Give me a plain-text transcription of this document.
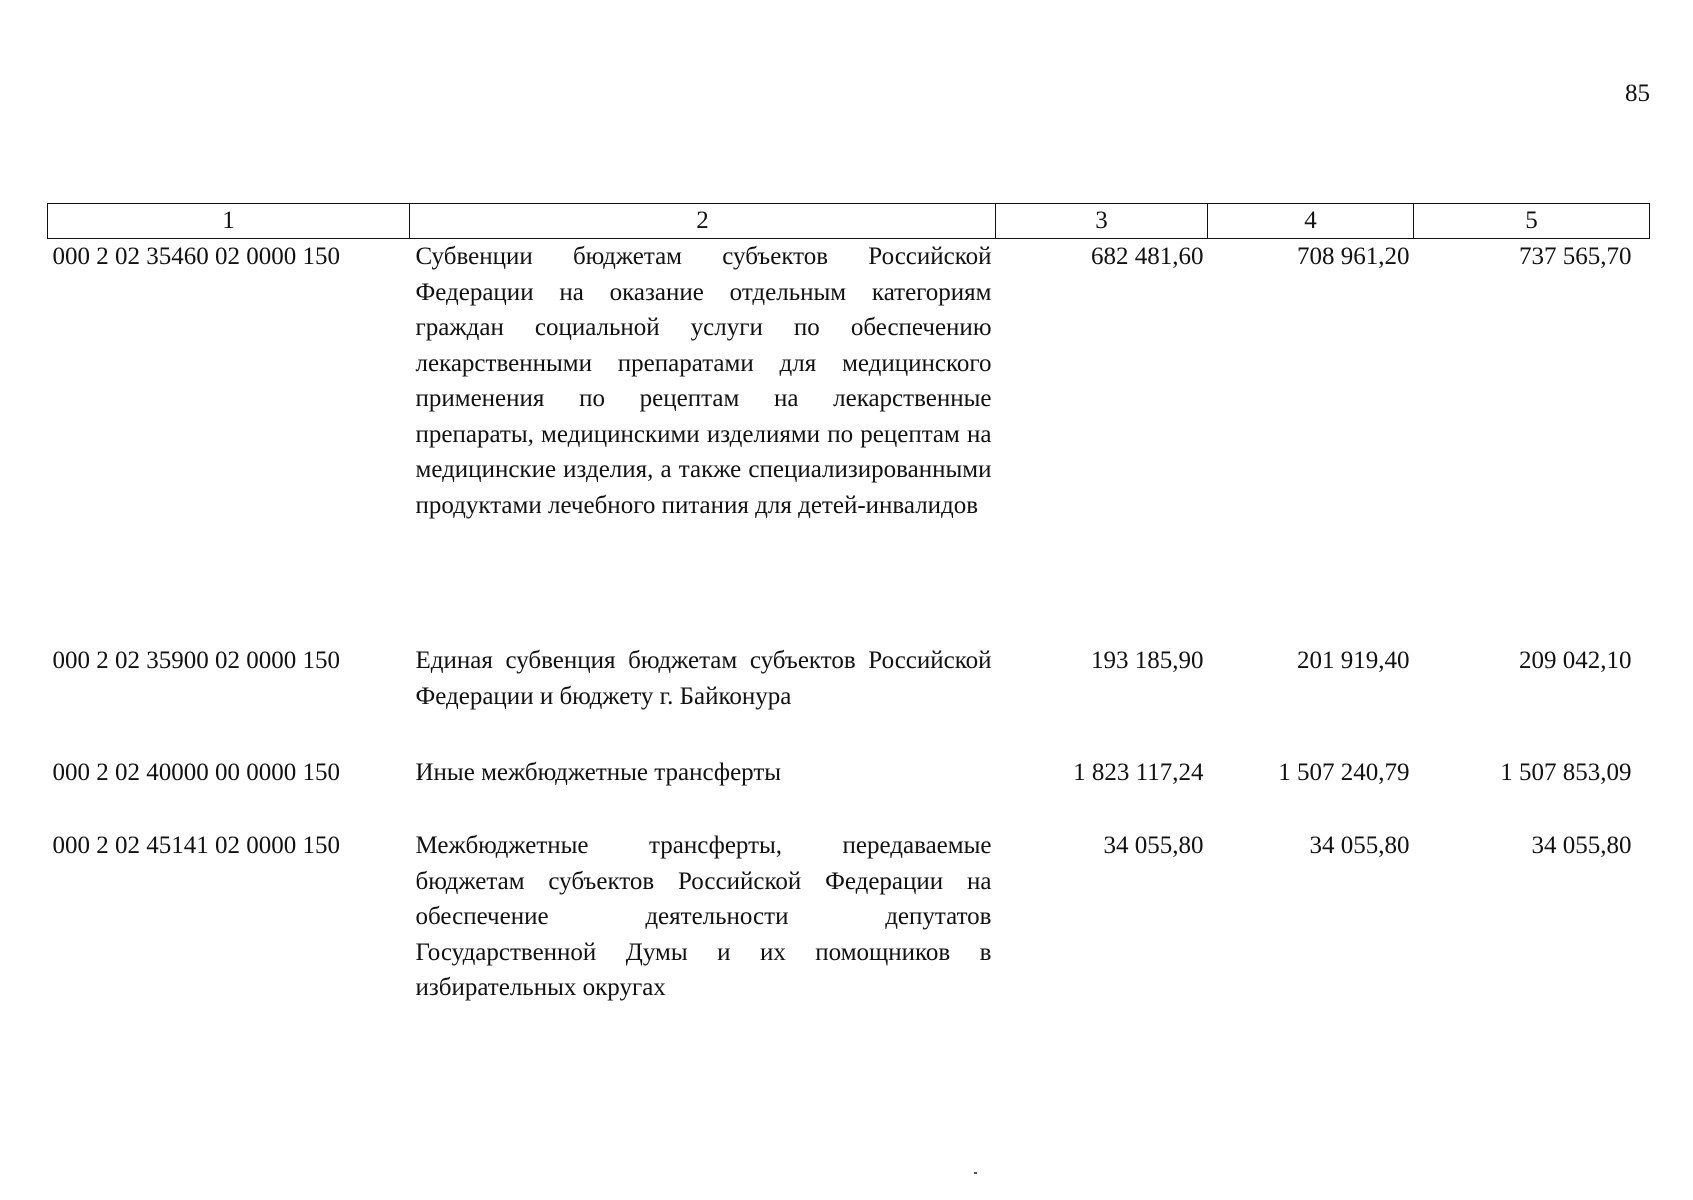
85
1	2	3	4	5
000 2 02 35460 02 0000 150	Субвенции бюджетам субъектов Российской Федерации на оказание отдельным категориям граждан социальной услуги по обеспечению лекарственными препаратами для медицинского применения по рецептам на лекарственные препараты, медицинскими изделиями по рецептам на медицинские изделия, а также специализированными продуктами лечебного питания для детей-инвалидов	682 481,60	708 961,20	737 565,70
000 2 02 35900 02 0000 150	Единая субвенция бюджетам субъектов Российской Федерации и бюджету г. Байконура	193 185,90	201 919,40	209 042,10
000 2 02 40000 00 0000 150	Иные межбюджетные трансферты	1 823 117,24	1 507 240,79	1 507 853,09
000 2 02 45141 02 0000 150	Межбюджетные трансферты, передаваемые бюджетам субъектов Российской Федерации на обеспечение деятельности депутатов Государственной Думы и их помощников в избирательных округах	34 055,80	34 055,80	34 055,80
